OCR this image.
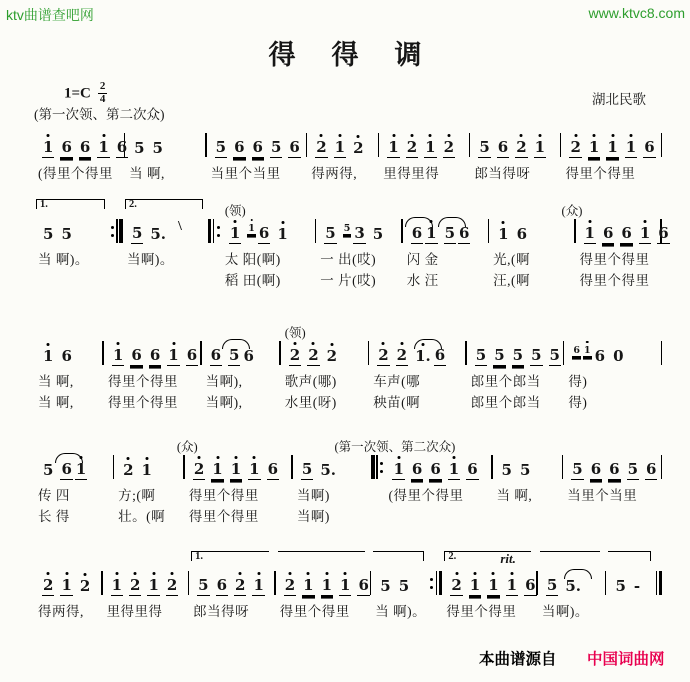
ktv曲谱查吧网	www.ktvc8.com
得得调
$1=C \frac{2}{4}$
(第一次领、第二次众)
湖北民歌
1 6 6 1 6
(得里个得里
5 5
当 啊,
5 6 6 5 6
当里个当里
2 1 2
得两得,
1 2 1 2
里得里得
5 6 2 1
郎当得呀
2 1 1 1 6
得里个得里
1.
5 5
当 啊)。
2.
5 5. \
当啊)。
(领)
1 1 6 1
太 阳(啊)
稻 田(啊)
5 5 3 5
一 出(哎)
一 片(哎)
6 1 5 6
闪 金
水 汪
1 6
光,(啊
汪,(啊
(众)
1 6 6 1 6
得里个得里
得里个得里
1 6
当 啊,
当 啊,
1 6 6 1 6
得里个得里
得里个得里
6 5 6
当啊),
当啊),
(领)
2 2 2
歌声(哪)
水里(呀)
2 2 1. 6
车声(哪
秧苗(啊
5 5 5 5 5
郎里个郎当
郎里个郎当
6 1 6 0
得)
得)
5 6 1
传 四
长 得
2 1
方;(啊
壮。(啊
(众)
2 1 1 1 6
得里个得里
得里个得里
5 5.
当啊)
当啊)
(第一次领、第二次众)
1 6 6 1 6
(得里个得里
5 5
当 啊,
5 6 6 5 6
当里个当里
2 1 2
得两得,
1 2 1 2
里得里得
1.
5 6 2 1
郎当得呀
2 1 1 1 6
得里个得里
5 5
当 啊)。
2.	rit.
2 1 1 1 6
得里个得里
5 5.
当啊)。
5 -
本曲谱源自 中国词曲网
